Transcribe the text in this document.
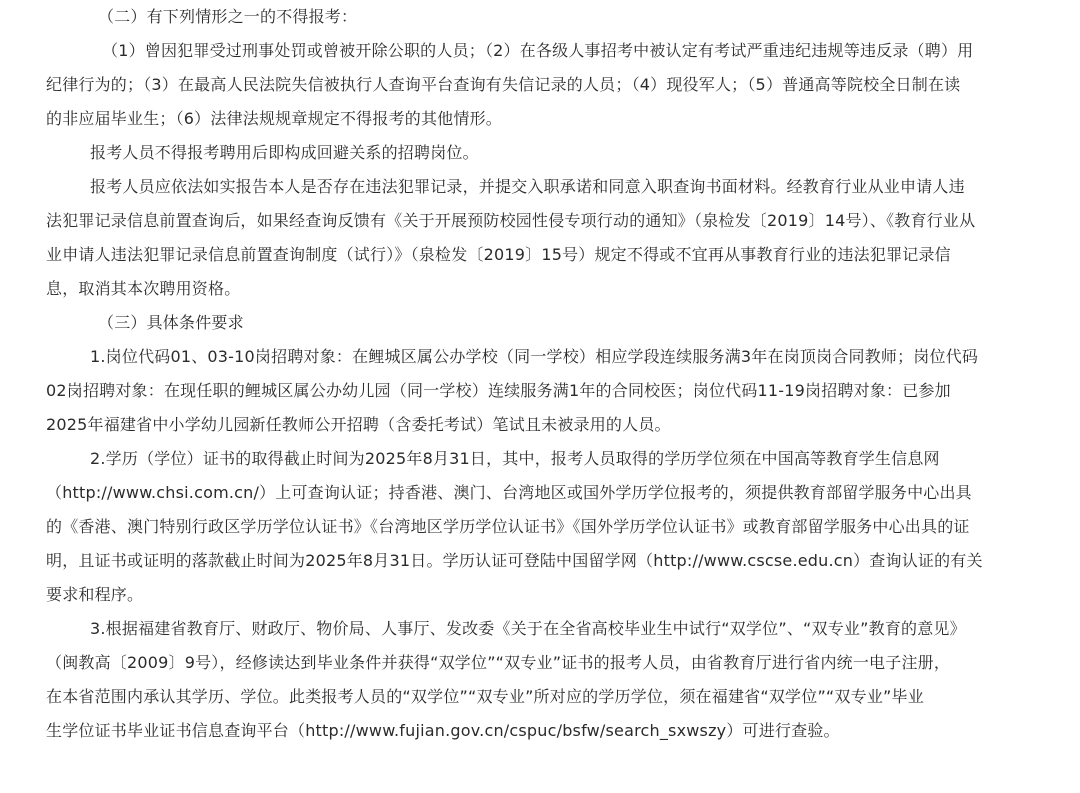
（二）有下列情形之一的不得报考：

（1）曾因犯罪受过刑事处罚或曾被开除公职的人员；（2）在各级人事招考中被认定有考试严重违纪违规等违反录（聘）用
纪律行为的；（3）在最高人民法院失信被执行人查询平台查询有失信记录的人员；（4）现役军人；（5）普通高等院校全日制在读
的非应届毕业生；（6）法律法规规章规定不得报考的其他情形。

报考人员不得报考聘用后即构成回避关系的招聘岗位。

报考人员应依法如实报告本人是否存在违法犯罪记录，并提交入职承诺和同意入职查询书面材料。经教育行业从业申请人违
法犯罪记录信息前置查询后，如果经查询反馈有《关于开展预防校园性侵专项行动的通知》（泉检发〔2019〕14号）、《教育行业从
业申请人违法犯罪记录信息前置查询制度（试行）》（泉检发〔2019〕15号）规定不得或不宜再从事教育行业的违法犯罪记录信
息，取消其本次聘用资格。

（三）具体条件要求

1.岗位代码01、03-10岗招聘对象：在鲤城区属公办学校（同一学校）相应学段连续服务满3年在岗顶岗合同教师；岗位代码
02岗招聘对象：在现任职的鲤城区属公办幼儿园（同一学校）连续服务满1年的合同校医；岗位代码11-19岗招聘对象：已参加
2025年福建省中小学幼儿园新任教师公开招聘（含委托考试）笔试且未被录用的人员。

2.学历（学位）证书的取得截止时间为2025年8月31日，其中，报考人员取得的学历学位须在中国高等教育学生信息网
（http://www.chsi.com.cn/）上可查询认证；持香港、澳门、台湾地区或国外学历学位报考的，须提供教育部留学服务中心出具
的《香港、澳门特别行政区学历学位认证书》《台湾地区学历学位认证书》《国外学历学位认证书》或教育部留学服务中心出具的证
明，且证书或证明的落款截止时间为2025年8月31日。学历认证可登陆中国留学网（http://www.cscse.edu.cn）查询认证的有关
要求和程序。

3.根据福建省教育厅、财政厅、物价局、人事厅、发改委《关于在全省高校毕业生中试行“双学位”、“双专业”教育的意见》
（闽教高〔2009〕9号），经修读达到毕业条件并获得“双学位”“双专业”证书的报考人员，由省教育厅进行省内统一电子注册，
在本省范围内承认其学历、学位。此类报考人员的“双学位”“双专业”所对应的学历学位，须在福建省“双学位”“双专业”毕业
生学位证书毕业证书信息查询平台（http://www.fujian.gov.cn/cspuc/bsfw/search_sxwszy）可进行查验。
